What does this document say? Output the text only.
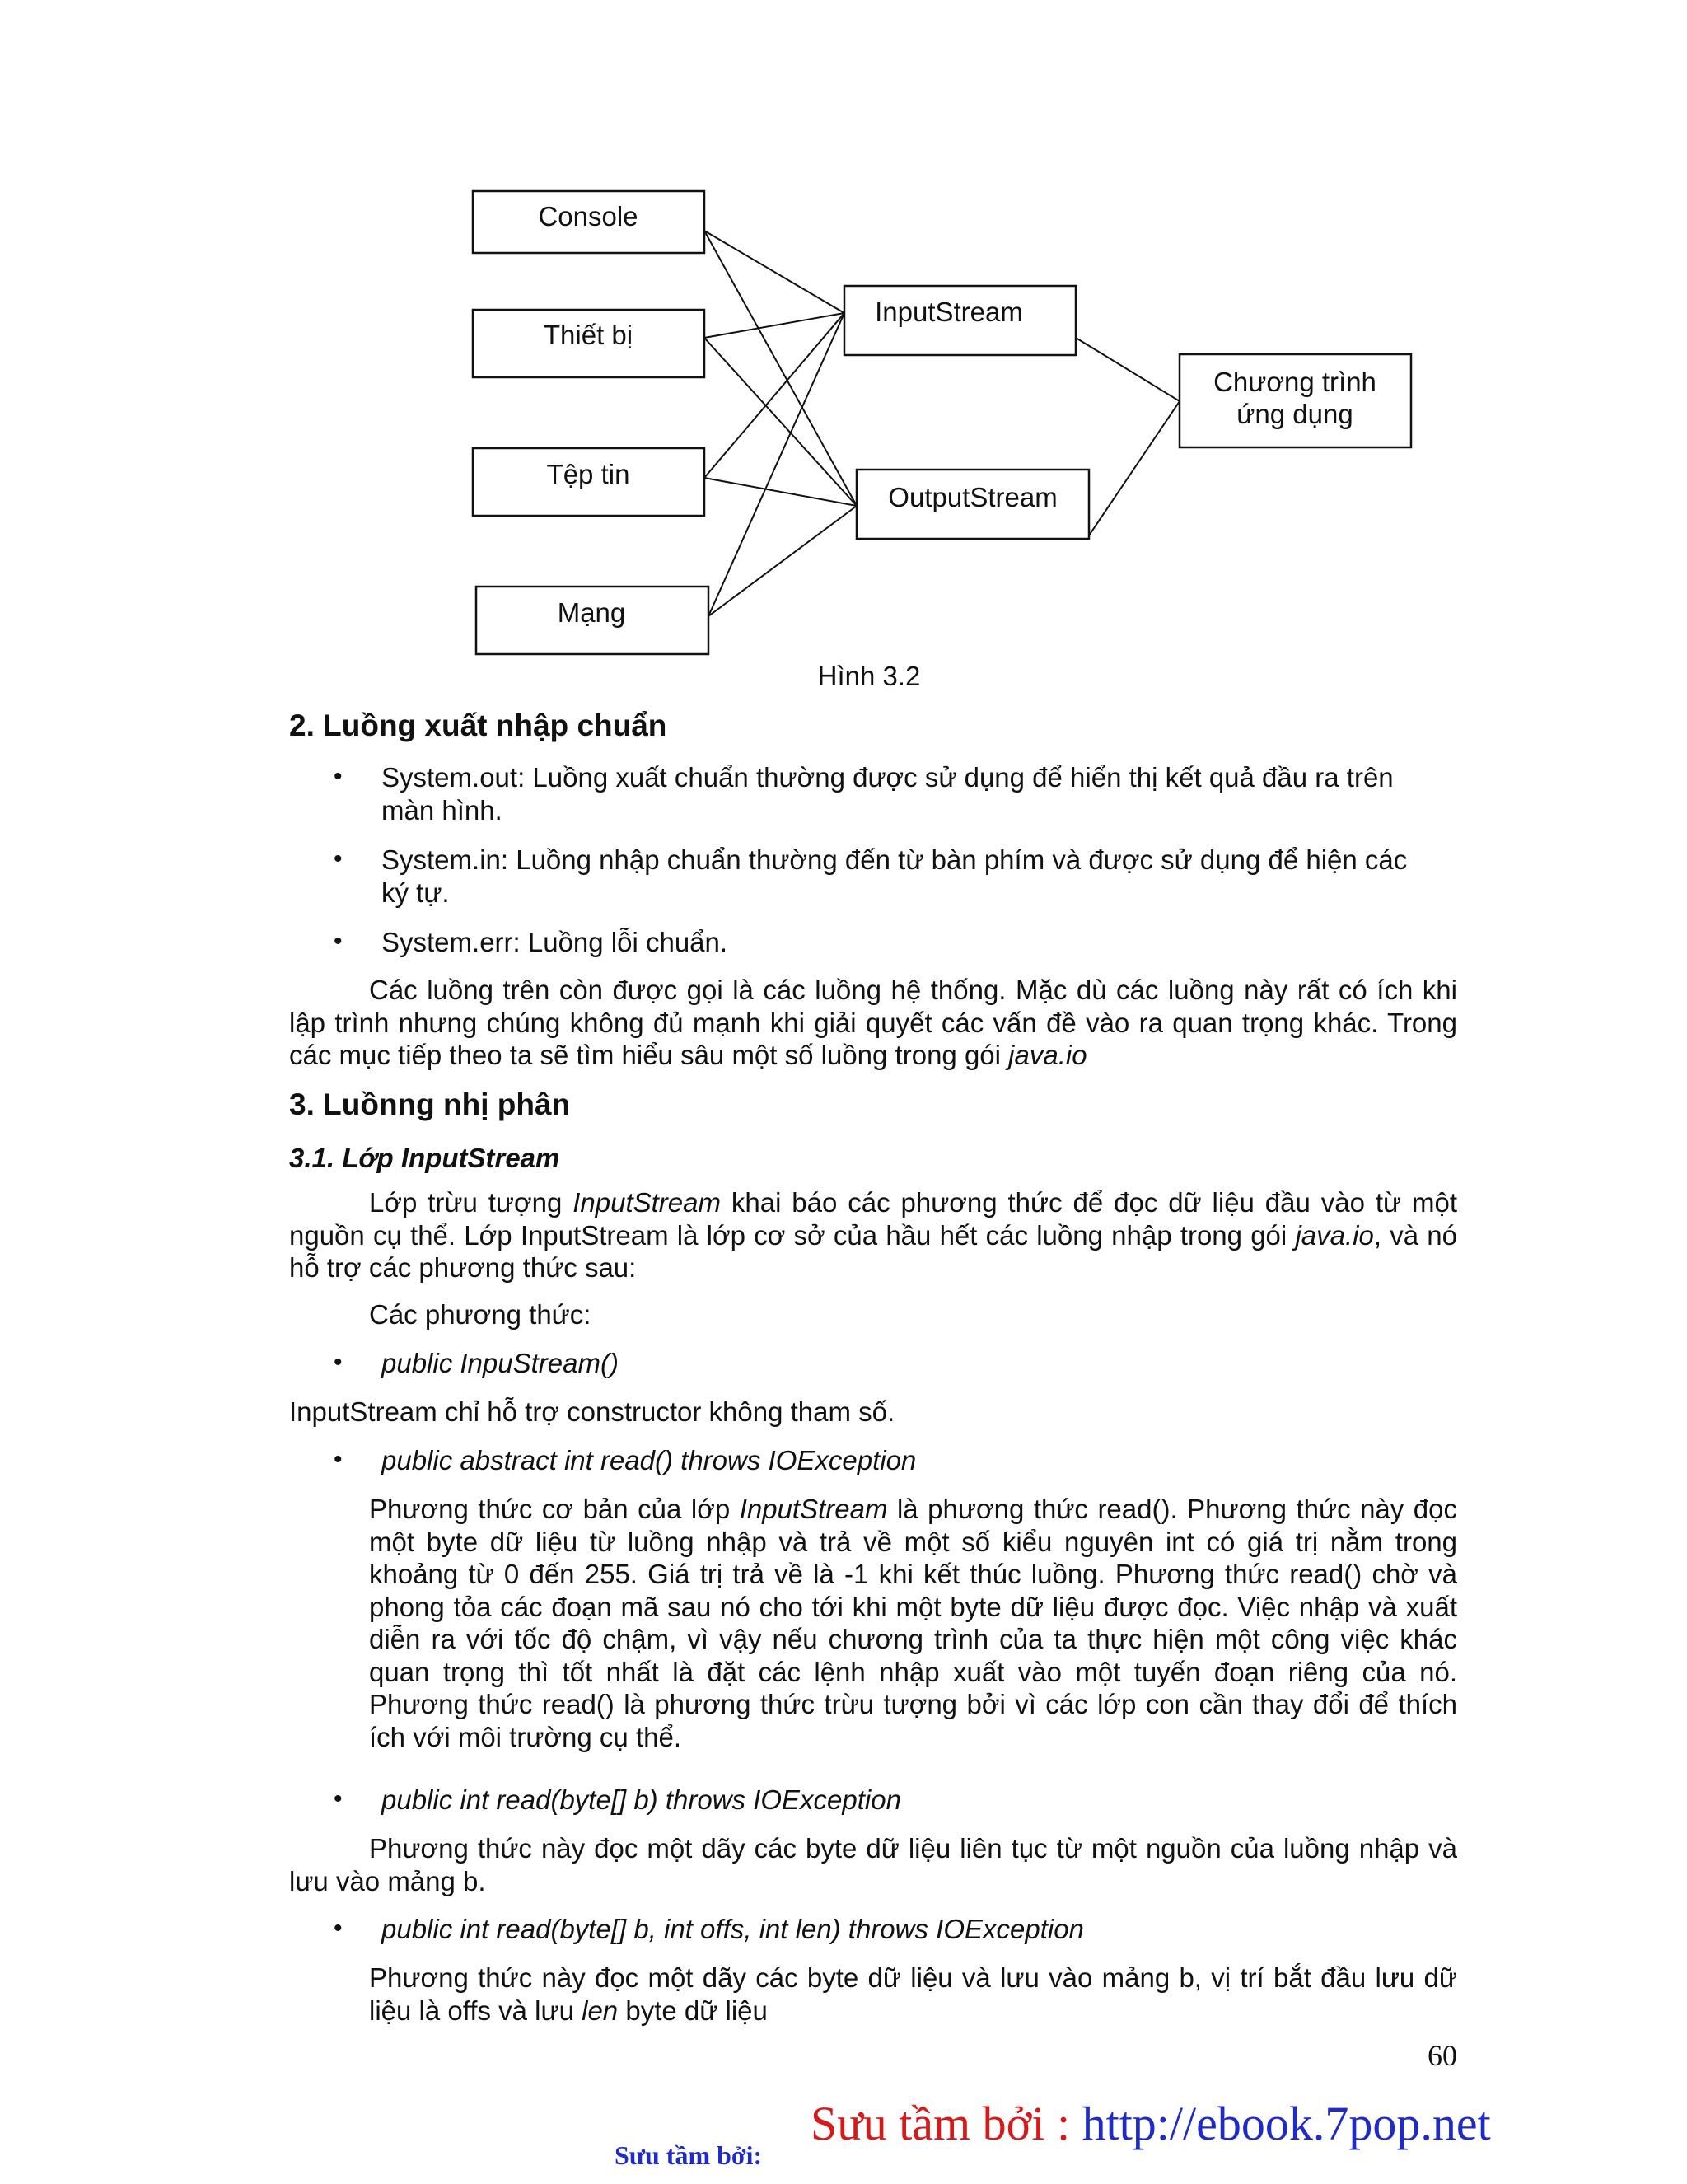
Console
Thiết bị
Tệp tin
Mạng
InputStream
OutputStream
Chương trình
ứng dụng
Hình 3.2
2. Luồng xuất nhập chuẩn
• System.out: Luồng xuất chuẩn thường được sử dụng để hiển thị kết quả đầu ra trên
màn hình.
• System.in: Luồng nhập chuẩn thường đến từ bàn phím và được sử dụng để hiện các
ký tự.
• System.err: Luồng lỗi chuẩn.
Các luồng trên còn được gọi là các luồng hệ thống. Mặc dù các luồng này rất có ích khi lập trình nhưng chúng không đủ mạnh khi giải quyết các vấn đề vào ra quan trọng khác. Trong các mục tiếp theo ta sẽ tìm hiểu sâu một số luồng trong gói java.io
3. Luồnng nhị phân
3.1. Lớp InputStream
Lớp trừu tượng InputStream khai báo các phương thức để đọc dữ liệu đầu vào từ một nguồn cụ thể. Lớp InputStream là lớp cơ sở của hầu hết các luồng nhập trong gói java.io, và nó hỗ trợ các phương thức sau:
Các phương thức:
• public InpuStream()
InputStream chỉ hỗ trợ constructor không tham số.
• public abstract int read() throws IOException
Phương thức cơ bản của lớp InputStream là phương thức read(). Phương thức này đọc một byte dữ liệu từ luồng nhập và trả về một số kiểu nguyên int có giá trị nằm trong khoảng từ 0 đến 255. Giá trị trả về là -1 khi kết thúc luồng. Phương thức read() chờ và phong tỏa các đoạn mã sau nó cho tới khi một byte dữ liệu được đọc. Việc nhập và xuất diễn ra với tốc độ chậm, vì vậy nếu chương trình của ta thực hiện một công việc khác quan trọng thì tốt nhất là đặt các lệnh nhập xuất vào một tuyến đoạn riêng của nó. Phương thức read() là phương thức trừu tượng bởi vì các lớp con cần thay đổi để thích ích với môi trường cụ thể.
• public int read(byte[] b) throws IOException
Phương thức này đọc một dãy các byte dữ liệu liên tục từ một nguồn của luồng nhập và lưu vào mảng b.
• public int read(byte[] b, int offs, int len) throws IOException
Phương thức này đọc một dãy các byte dữ liệu và lưu vào mảng b, vị trí bắt đầu lưu dữ liệu là offs và lưu len byte dữ liệu
60
Sưu tầm bởi:
Sưu tầm bởi : http://ebook.7pop.net
